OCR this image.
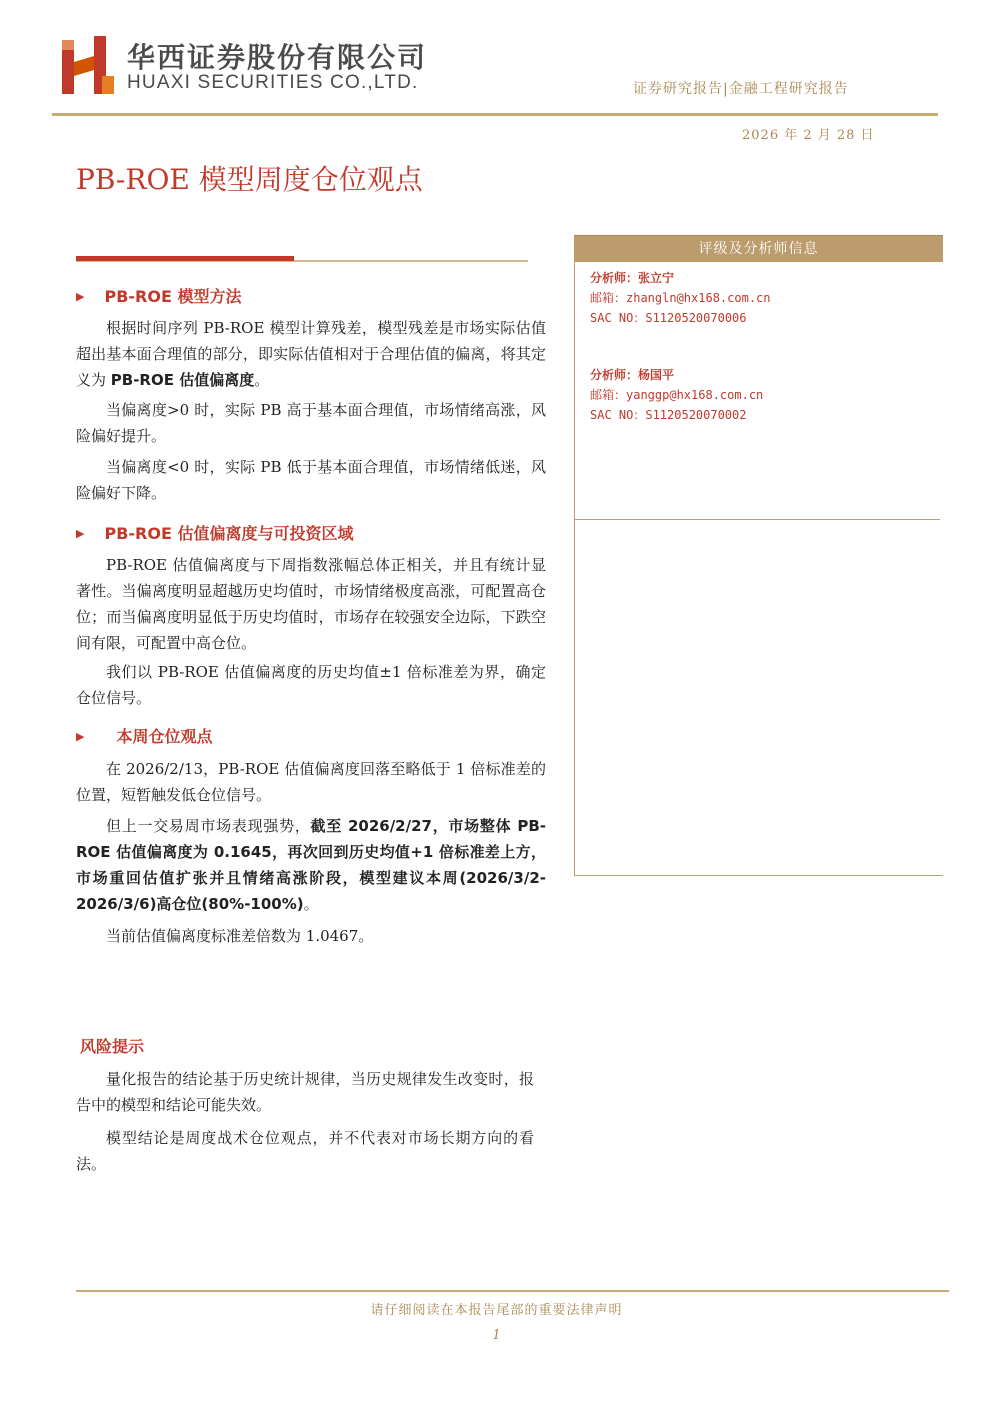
华西证券股份有限公司
HUAXI SECURITIES CO.,LTD.	证券研究报告|金融工程研究报告
2026 年 2 月 28 日
PB-ROE 模型周度仓位观点
▶ PB-ROE 模型方法
根据时间序列 PB-ROE 模型计算残差，模型残差是市场实际估值超出基本面合理值的部分，即实际估值相对于合理估值的偏离，将其定义为 PB-ROE 估值偏离度。
当偏离度>0 时，实际 PB 高于基本面合理值，市场情绪高涨，风险偏好提升。
当偏离度<0 时，实际 PB 低于基本面合理值，市场情绪低迷，风险偏好下降。
▶ PB-ROE 估值偏离度与可投资区域
PB-ROE 估值偏离度与下周指数涨幅总体正相关，并且有统计显著性。当偏离度明显超越历史均值时，市场情绪极度高涨，可配置高仓位；而当偏离度明显低于历史均值时，市场存在较强安全边际，下跌空间有限，可配置中高仓位。
我们以 PB-ROE 估值偏离度的历史均值±1 倍标准差为界，确定仓位信号。
▶ 本周仓位观点
在 2026/2/13，PB-ROE 估值偏离度回落至略低于 1 倍标准差的位置，短暂触发低仓位信号。
但上一交易周市场表现强势，截至 2026/2/27，市场整体 PB-ROE 估值偏离度为 0.1645，再次回到历史均值+1 倍标准差上方，市场重回估值扩张并且情绪高涨阶段，模型建议本周(2026/3/2-2026/3/6)高仓位(80%-100%)。
当前估值偏离度标准差倍数为 1.0467。
评级及分析师信息
分析师：张立宁
邮箱：zhangln@hx168.com.cn
SAC NO：S1120520070006
分析师：杨国平
邮箱：yanggp@hx168.com.cn
SAC NO：S1120520070002
风险提示
量化报告的结论基于历史统计规律，当历史规律发生改变时，报告中的模型和结论可能失效。
模型结论是周度战术仓位观点，并不代表对市场长期方向的看法。
请仔细阅读在本报告尾部的重要法律声明
1
